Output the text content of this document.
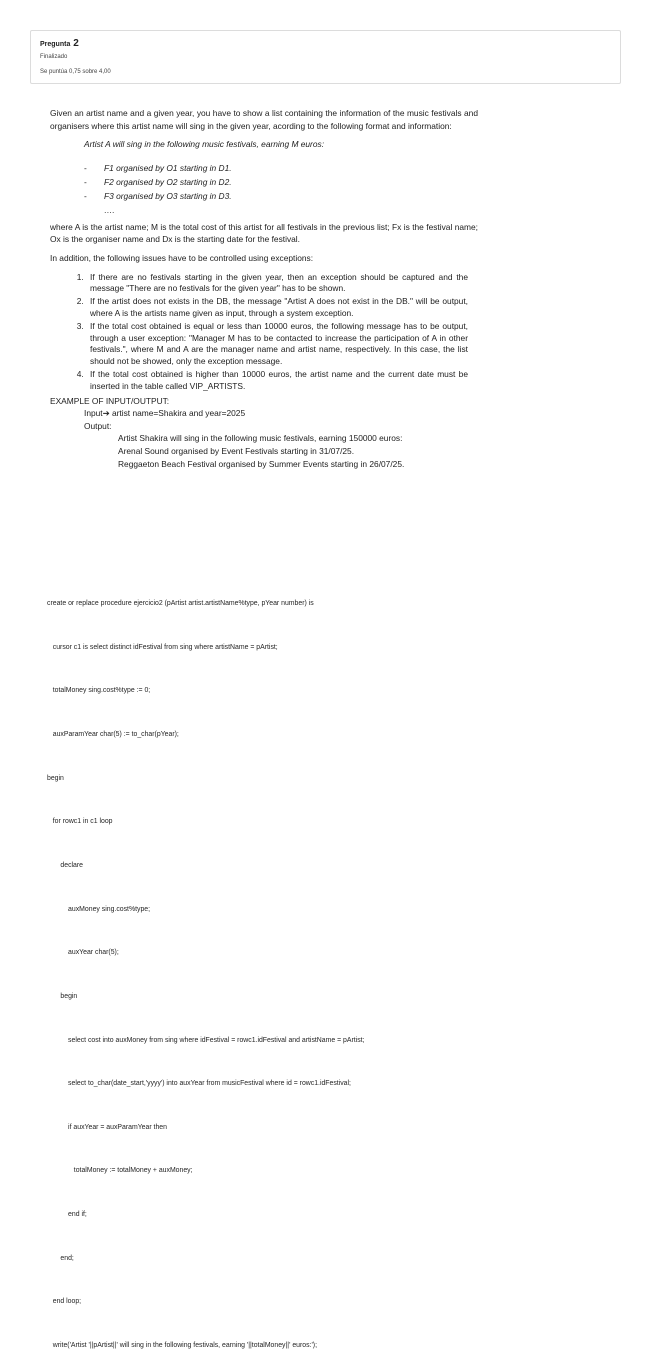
Pregunta 2
Finalizado
Se puntúa 0,75 sobre 4,00

Given an artist name and a given year, you have to show a list containing the information of the music festivals and organisers where this artist name will sing in the given year, acording to the following format and information:

Artist A will sing in the following music festivals, earning M euros:

- F1 organised by O1 starting in D1.
- F2 organised by O2 starting in D2.
- F3 organised by O3 starting in D3.
….

where A is the artist name; M is the total cost of this artist for all festivals in the previous list; Fx is the festival name; Ox is the organiser name and Dx is the starting date for the festival.

In addition, the following issues have to be controlled using exceptions:

1. If there are no festivals starting in the given year, then an exception should be captured and the message "There are no festivals for the given year" has to be shown.
2. If the artist does not exists in the DB, the message "Artist A does not exist in the DB." will be output, where A is the artists name given as input, through a system exception.
3. If the total cost obtained is equal or less than 10000 euros, the following message has to be output, through a user exception: "Manager M has to be contacted to increase the participation of A in other festivals.", where M and A are the manager name and artist name, respectively. In this case, the list should not be showed, only the exception message.
4. If the total cost obtained is higher than 10000 euros, the artist name and the current date must be inserted in the table called VIP_ARTISTS.

EXAMPLE OF INPUT/OUTPUT:

Input➔ artist name=Shakira and year=2025

Output:

Artist Shakira will sing in the following music festivals, earning 150000 euros:

Arenal Sound organised by Event Festivals starting in 31/07/25.

Reggaeton Beach Festival organised by Summer Events starting in 26/07/25.

create or replace procedure ejercicio2 (pArtist artist.artistName%type, pYear number) is

cursor c1 is select distinct idFestival from sing where artistName = pArtist;

totalMoney sing.cost%type := 0;

auxParamYear char(5) := to_char(pYear);

begin

for rowc1 in c1 loop

declare

auxMoney sing.cost%type;

auxYear char(5);

begin

select cost into auxMoney from sing where idFestival = rowc1.idFestival and artistName = pArtist;

select to_char(date_start,'yyyy') into auxYear from musicFestival where id = rowc1.idFestival;

if auxYear = auxParamYear then

totalMoney := totalMoney + auxMoney;

end if;

end;

end loop;

write('Artist '||pArtist||' will sing in the following festivals, earning '||totalMoney||' euros:');
